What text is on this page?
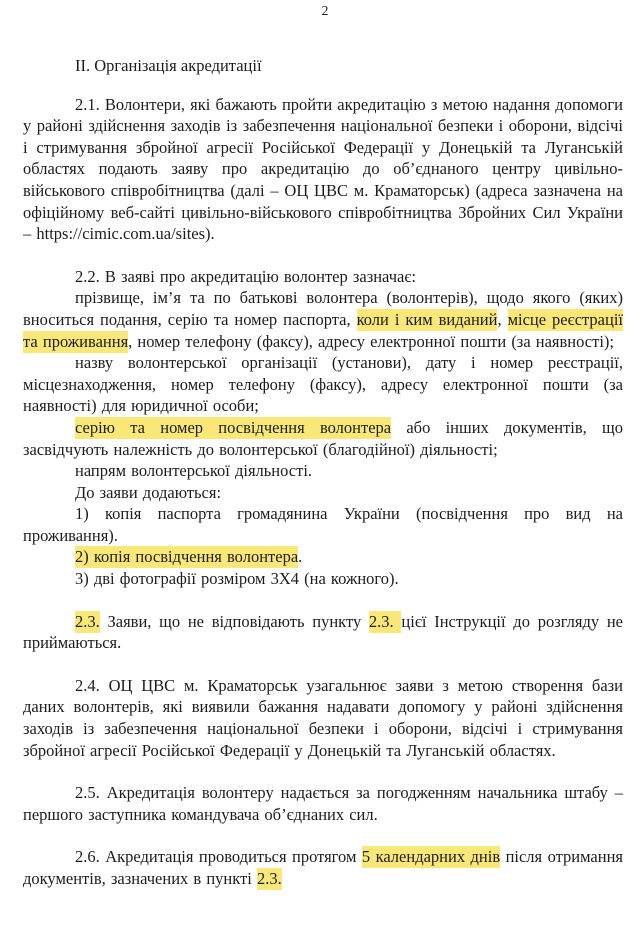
2
ІІ. Організація акредитації

2.1. Волонтери, які бажають пройти акредитацію з метою надання допомоги у районі здійснення заходів із забезпечення національної безпеки і оборони, відсічі і стримування збройної агресії Російської Федерації у Донецькій та Луганській областях подають заяву про акредитацію до об’єднаного центру цивільно-військового співробітництва (далі – ОЦ ЦВС м. Краматорськ) (адреса зазначена на офіційному веб-сайті цивільно-військового співробітництва Збройних Сил України – https://cimic.com.ua/sites).

2.2. В заяві про акредитацію волонтер зазначає:

прізвище, ім’я та по батькові волонтера (волонтерів), щодо якого (яких) вноситься подання, серію та номер паспорта, коли і ким виданий, місце реєстрації та проживання, номер телефону (факсу), адресу електронної пошти (за наявності);

назву волонтерської організації (установи), дату і номер реєстрації, місцезнаходження, номер телефону (факсу), адресу електронної пошти (за наявності) для юридичної особи;

серію та номер посвідчення волонтера або інших документів, що засвідчують належність до волонтерської (благодійної) діяльності;

напрям волонтерської діяльності.

До заяви додаються:

1) копія паспорта громадянина України (посвідчення про вид на проживання).

2) копія посвідчення волонтера.

3) дві фотографії розміром 3Х4 (на кожного).

2.3. Заяви, що не відповідають пункту 2.3. цієї Інструкції до розгляду не приймаються.

2.4. ОЦ ЦВС м. Краматорськ узагальнює заяви з метою створення бази даних волонтерів, які виявили бажання надавати допомогу у районі здійснення заходів із забезпечення національної безпеки і оборони, відсічі і стримування збройної агресії Російської Федерації у Донецькій та Луганській областях.

2.5. Акредитація волонтеру надається за погодженням начальника штабу – першого заступника командувача об’єднаних сил.

2.6. Акредитація проводиться протягом 5 календарних днів після отримання документів, зазначених в пункті 2.3.
